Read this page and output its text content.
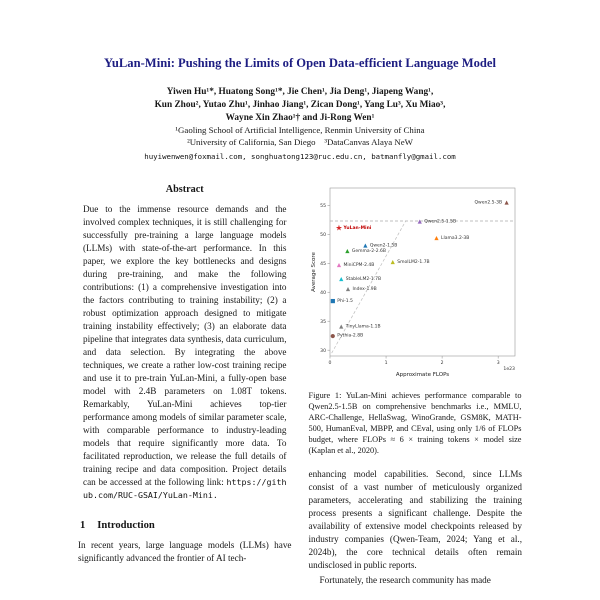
YuLan-Mini: Pushing the Limits of Open Data-efficient Language Model
Yiwen Hu¹*, Huatong Song¹*, Jie Chen¹, Jia Deng¹, Jiapeng Wang¹,
Kun Zhou², Yutao Zhu¹, Jinhao Jiang¹, Zican Dong¹, Yang Lu³, Xu Miao³,
Wayne Xin Zhao¹† and Ji-Rong Wen¹
¹Gaoling School of Artificial Intelligence, Renmin University of China
²University of California, San Diego ³DataCanvas Alaya NeW
huyiwenwen@foxmail.com, songhuatong123@ruc.edu.cn, batmanfly@gmail.com
Abstract

Due to the immense resource demands and the involved complex techniques, it is still challenging for successfully pre-training a large language models (LLMs) with state-of-the-art performance. In this paper, we explore the key bottlenecks and designs during pre-training, and make the following contributions: (1) a comprehensive investigation into the factors contributing to training instability; (2) a robust optimization approach designed to mitigate training instability effectively; (3) an elaborate data pipeline that integrates data synthesis, data curriculum, and data selection. By integrating the above techniques, we create a rather low-cost training recipe and use it to pre-train YuLan-Mini, a fully-open base model with 2.4B parameters on 1.08T tokens. Remarkably, YuLan-Mini achieves top-tier performance among models of similar parameter scale, with comparable performance to industry-leading models that require significantly more data. To facilitated reproduction, we release the full details of training recipe and data composition. Project details can be accessed at the following link: https://github.com/RUC-GSAI/YuLan-Mini.

1 Introduction

In recent years, large language models (LLMs) have significantly advanced the frontier of AI tech-

30
35
40
45
50
55
0	1	2	3
1e23
Approximate FLOPs
Average Score
★ YuLan-Mini
▲ Qwen2.5-1.5B
▲
Qwen2.5-3B
▲ Llama3.2-3B
▲ Qwen2-1.5B
▲ Gemma-2-2.6B
▲ SmolLM2-1.7B
▲ MiniCPM-2.4B
▲ StableLM2-1.7B
▲ Index-1.9B
■ Phi-1.5
▲ TinyLlama-1.1B
● Pythia-2.8B
Figure 1: YuLan-Mini achieves performance comparable to Qwen2.5-1.5B on comprehensive benchmarks i.e., MMLU, ARC-Challenge, HellaSwag, WinoGrande, GSM8K, MATH-500, HumanEval, MBPP, and CEval, using only 1/6 of FLOPs budget, where FLOPs ≈ 6 × training tokens × model size (Kaplan et al., 2020).

enhancing model capabilities. Second, since LLMs consist of a vast number of meticulously organized parameters, accelerating and stabilizing the training process presents a significant challenge. Despite the availability of extensive model checkpoints released by industry companies (Qwen-Team, 2024; Yang et al., 2024b), the core technical details often remain undisclosed in public reports.

Fortunately, the research community has made
